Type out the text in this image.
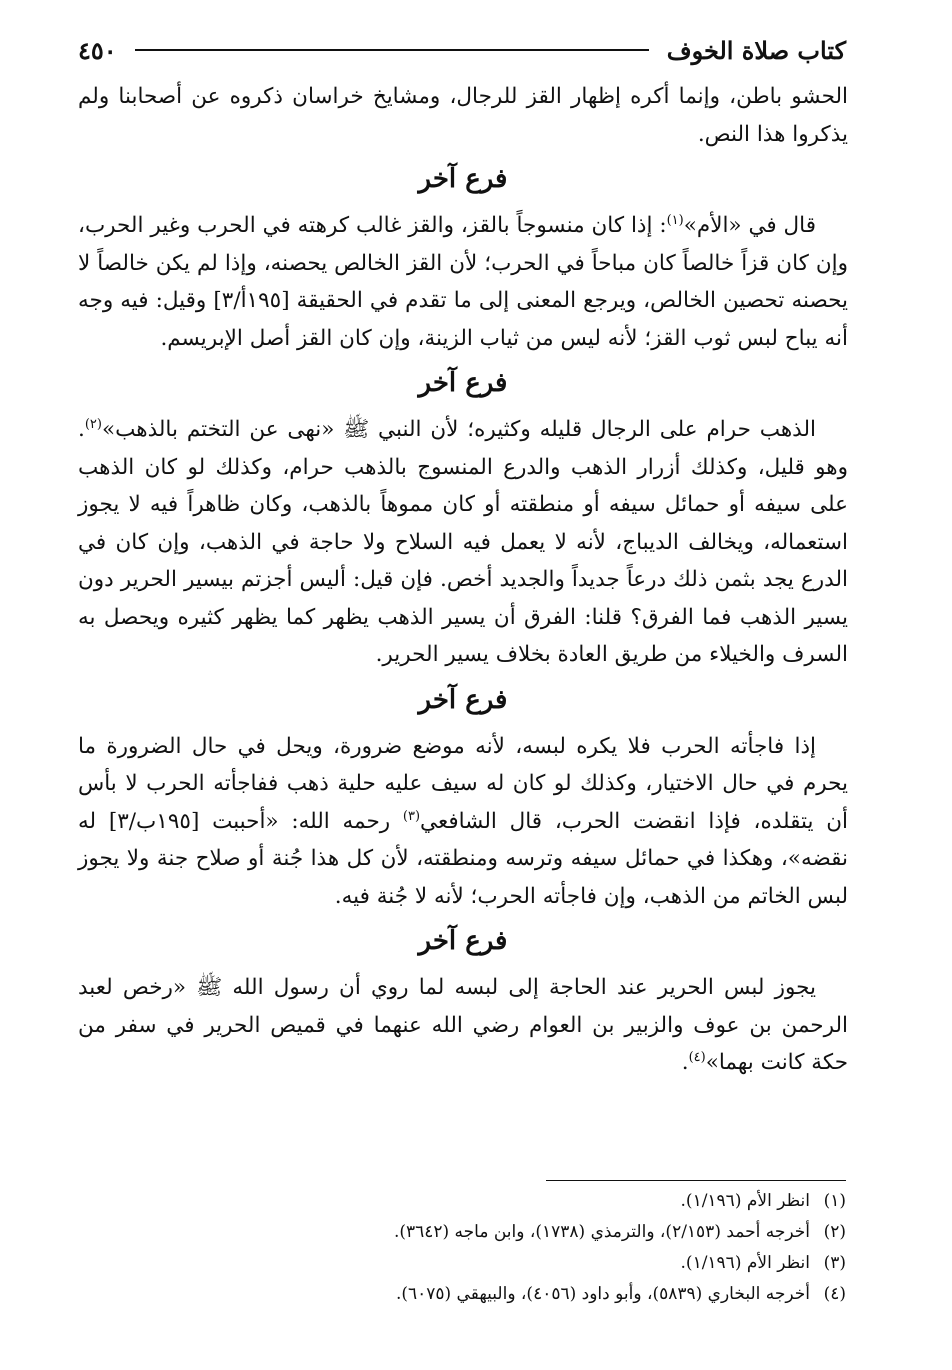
كتاب صلاة الخوف
٤٥٠

الحشو باطن، وإنما أكره إظهار القز للرجال، ومشايخ خراسان ذكروه عن أصحابنا ولم يذكروا هذا النص.

فرع آخر

قال في «الأم»$^{(١)}$: إذا كان منسوجاً بالقز، والقز غالب كرهته في الحرب وغير الحرب، وإن كان قزاً خالصاً كان مباحاً في الحرب؛ لأن القز الخالص يحصنه، وإذا لم يكن خالصاً لا يحصنه تحصين الخالص، ويرجع المعنى إلى ما تقدم في الحقيقة [١٩٥أ/٣] وقيل: فيه وجه أنه يباح لبس ثوب القز؛ لأنه ليس من ثياب الزينة، وإن كان القز أصل الإبريسم.

فرع آخر

الذهب حرام على الرجال قليله وكثيره؛ لأن النبي ﷺ «نهى عن التختم بالذهب»$^{(٢)}$. وهو قليل، وكذلك أزرار الذهب والدرع المنسوج بالذهب حرام، وكذلك لو كان الذهب على سيفه أو حمائل سيفه أو منطقته أو كان مموهاً بالذهب، وكان ظاهراً فيه لا يجوز استعماله، ويخالف الديباج، لأنه لا يعمل فيه السلاح ولا حاجة في الذهب، وإن كان في الدرع يجد بثمن ذلك درعاً جديداً والجديد أخص. فإن قيل: أليس أجزتم بيسير الحرير دون يسير الذهب فما الفرق؟ قلنا: الفرق أن يسير الذهب يظهر كما يظهر كثيره ويحصل به السرف والخيلاء من طريق العادة بخلاف يسير الحرير.

فرع آخر

إذا فاجأته الحرب فلا يكره لبسه، لأنه موضع ضرورة، ويحل في حال الضرورة ما يحرم في حال الاختيار، وكذلك لو كان له سيف عليه حلية ذهب ففاجأته الحرب لا بأس أن يتقلده، فإذا انقضت الحرب، قال الشافعي$^{(٣)}$ رحمه الله: «أحببت [١٩٥ب/٣] له نقضه»، وهكذا في حمائل سيفه وترسه ومنطقته، لأن كل هذا جُنة أو صلاح جنة ولا يجوز لبس الخاتم من الذهب، وإن فاجأته الحرب؛ لأنه لا جُنة فيه.

فرع آخر

يجوز لبس الحرير عند الحاجة إلى لبسه لما روي أن رسول الله ﷺ «رخص لعبد الرحمن بن عوف والزبير بن العوام رضي الله عنهما في قميص الحرير في سفر من حكة كانت بهما»$^{(٤)}$.

(١)
انظر الأم (١/١٩٦).
(٢)
أخرجه أحمد (٢/١٥٣)، والترمذي (١٧٣٨)، وابن ماجه (٣٦٤٢).
(٣)
انظر الأم (١/١٩٦).
(٤)
أخرجه البخاري (٥٨٣٩)، وأبو داود (٤٠٥٦)، والبيهقي (٦٠٧٥).
